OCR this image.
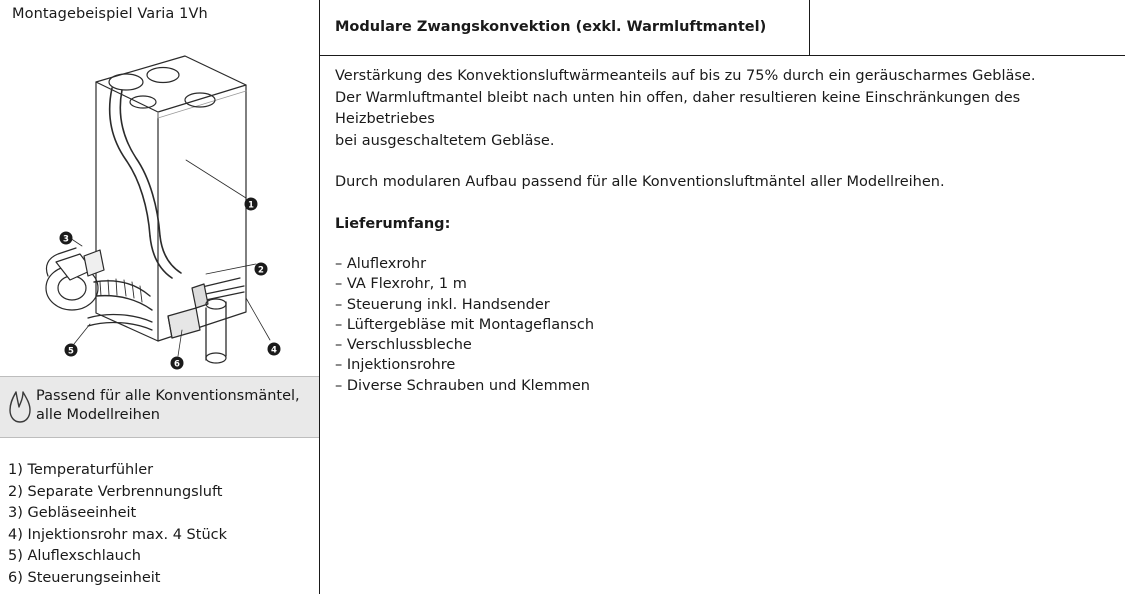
Montagebeispiel Varia 1Vh
1
2
3
4
5
6
Passend für alle Konventionsmäntel,
alle Modellreihen
1) Temperaturfühler
2) Separate Verbrennungsluft
3) Gebläseeinheit
4) Injektionsrohr max. 4 Stück
5) Aluflexschlauch
6) Steuerungseinheit
Modulare Zwangskonvektion (exkl. Warmluftmantel)

Verstärkung des Konvektionsluftwärmeanteils auf bis zu 75% durch ein geräuscharmes Gebläse.

Der Warmluftmantel bleibt nach unten hin offen, daher resultieren keine Einschränkungen des Heizbetriebes

bei ausgeschaltetem Gebläse.

Durch modularen Aufbau passend für alle Konventionsluftmäntel aller Modellreihen.

Lieferumfang:

– Aluflexrohr

– VA Flexrohr, 1 m

– Steuerung inkl. Handsender

– Lüftergebläse mit Montageflansch

– Verschlussbleche

– Injektionsrohre

– Diverse Schrauben und Klemmen
